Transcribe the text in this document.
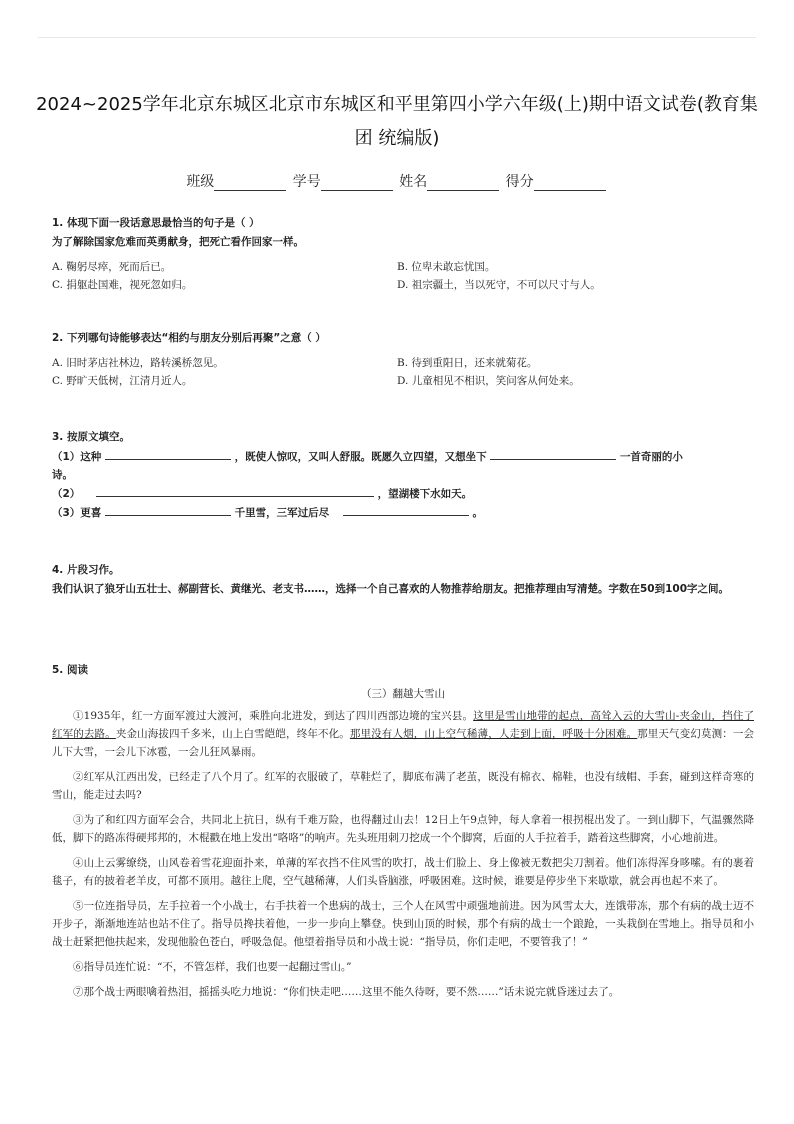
2024~2025学年北京东城区北京市东城区和平里第四小学六年级(上)期中语文试卷(教育集团 统编版)
班级	学号	姓名	得分
1. 体现下面一段话意思最恰当的句子是（ ）
为了解除国家危难而英勇献身，把死亡看作回家一样。
A. 鞠躬尽瘁，死而后已。	B. 位卑未敢忘忧国。
C. 捐躯赴国难，视死忽如归。	D. 祖宗疆土，当以死守，不可以尺寸与人。
2. 下列哪句诗能够表达“相约与朋友分别后再聚”之意（ ）
A. 旧时茅店社林边，路转溪桥忽见。	B. 待到重阳日，还来就菊花。
C. 野旷天低树，江清月近人。	D. 儿童相见不相识，笑问客从何处来。
3. 按原文填空。
（1）这种	，既使人惊叹，又叫人舒服。既愿久立四望，又想坐下	一首奇丽的小
诗。
（2）	，望湖楼下水如天。
（3）更喜	千里雪，三军过后尽	。
4. 片段习作。
我们认识了狼牙山五壮士、郝副营长、黄继光、老支书……，选择一个自己喜欢的人物推荐给朋友。把推荐理由写清楚。字数在50到100字之间。
5. 阅读
（三）翻越大雪山

①1935年，红一方面军渡过大渡河，乘胜向北进发，到达了四川西部边境的宝兴县。这里是雪山地带的起点，高耸入云的大雪山-夹金山，挡住了红军的去路。夹金山海拔四千多米，山上白雪皑皑，终年不化。那里没有人烟，山上空气稀薄，人走到上面，呼吸十分困难。那里天气变幻莫测：一会儿下大雪，一会儿下冰雹，一会儿狂风暴雨。

②红军从江西出发，已经走了八个月了。红军的衣服破了，草鞋烂了，脚底布满了老茧，既没有棉衣、棉鞋，也没有绒帽、手套，碰到这样奇寒的雪山，能走过去吗?

③为了和红四方面军会合，共同北上抗日，纵有千难万险，也得翻过山去！12日上午9点钟，每人拿着一根拐棍出发了。一到山脚下，气温骤然降低，脚下的路冻得硬邦邦的，木棍戳在地上发出“咯咯”的响声。先头班用刺刀挖成一个个脚窝，后面的人手拉着手，踏着这些脚窝，小心地前进。

④山上云雾缭绕，山风卷着雪花迎面扑来，单薄的军衣挡不住风雪的吹打，战士们脸上、身上像被无数把尖刀割着。他们冻得浑身哆嗦。有的裹着毯子，有的披着老羊皮，可都不顶用。越往上爬，空气越稀薄，人们头昏脑涨，呼吸困难。这时候，谁要是停步坐下来歇歇，就会再也起不来了。

⑤一位连指导员，左手拉着一个小战士，右手扶着一个患病的战士，三个人在风雪中顽强地前进。因为风雪太大，连饿带冻，那个有病的战士迈不开步子，渐渐地连站也站不住了。指导员搀扶着他，一步一步向上攀登。快到山顶的时候，那个有病的战士一个踉跄，一头栽倒在雪地上。指导员和小战士赶紧把他扶起来，发现他脸色苍白，呼吸急促。他望着指导员和小战士说：“指导员，你们走吧，不要管我了！”

⑥指导员连忙说：“不，不管怎样，我们也要一起翻过雪山。”

⑦那个战士两眼噙着热泪，摇摇头吃力地说：“你们快走吧……这里不能久待呀，要不然……”话未说完就昏迷过去了。
